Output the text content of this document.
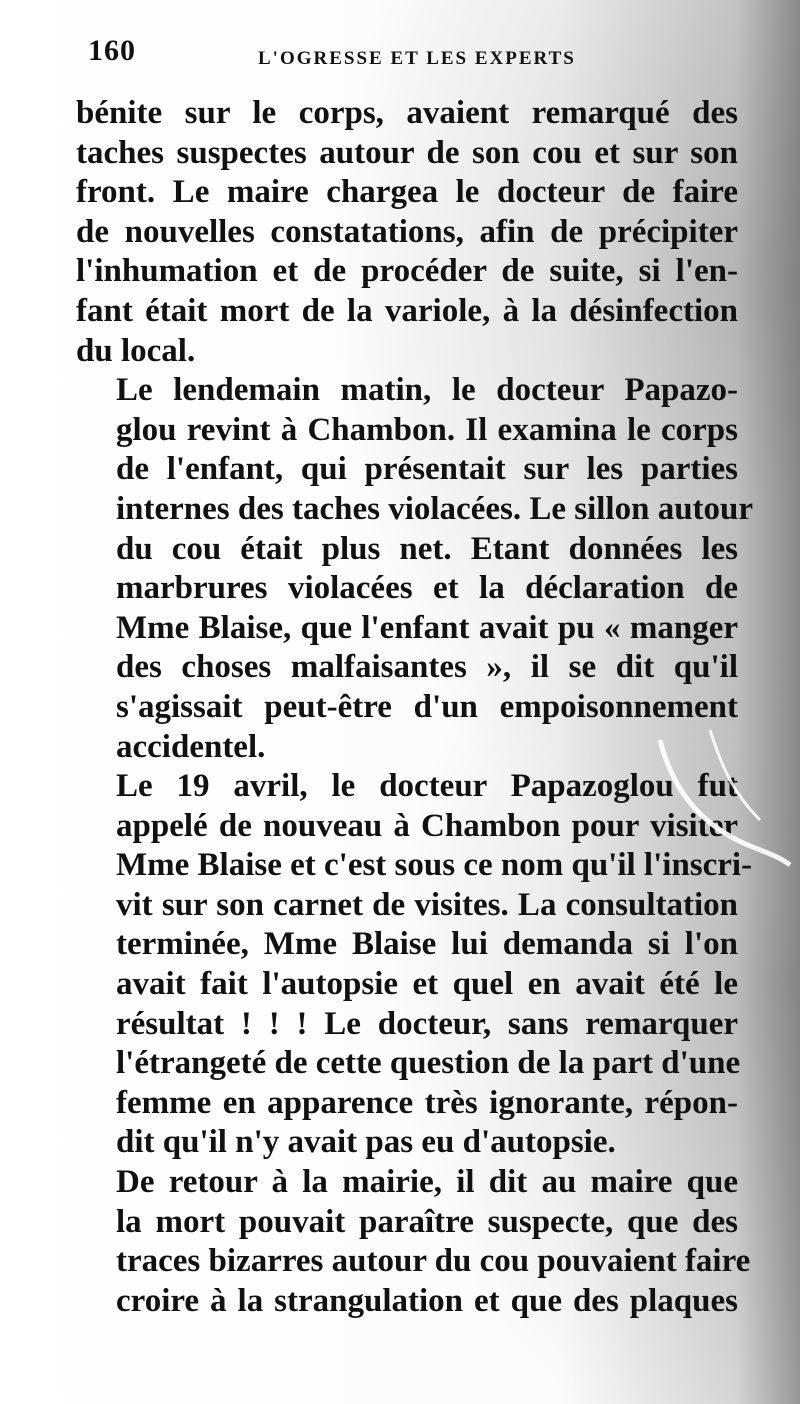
160	L'OGRESSE ET LES EXPERTS

bénite sur le corps, avaient remarqué des
taches suspectes autour de son cou et sur son
front. Le maire chargea le docteur de faire
de nouvelles constatations, afin de précipiter
l'inhumation et de procéder de suite, si l'en-
fant était mort de la variole, à la désinfection
du local.

Le lendemain matin, le docteur Papazo-
glou revint à Chambon. Il examina le corps
de l'enfant, qui présentait sur les parties
internes des taches violacées. Le sillon autour
du cou était plus net. Etant données les
marbrures violacées et la déclaration de
Mme Blaise, que l'enfant avait pu « manger
des choses malfaisantes », il se dit qu'il
s'agissait peut-être d'un empoisonnement
accidentel.

Le 19 avril, le docteur Papazoglou fut
appelé de nouveau à Chambon pour visiter
Mme Blaise et c'est sous ce nom qu'il l'inscri-
vit sur son carnet de visites. La consultation
terminée, Mme Blaise lui demanda si l'on
avait fait l'autopsie et quel en avait été le
résultat ! ! ! Le docteur, sans remarquer
l'étrangeté de cette question de la part d'une
femme en apparence très ignorante, répon-
dit qu'il n'y avait pas eu d'autopsie.

De retour à la mairie, il dit au maire que
la mort pouvait paraître suspecte, que des
traces bizarres autour du cou pouvaient faire
croire à la strangulation et que des plaques
